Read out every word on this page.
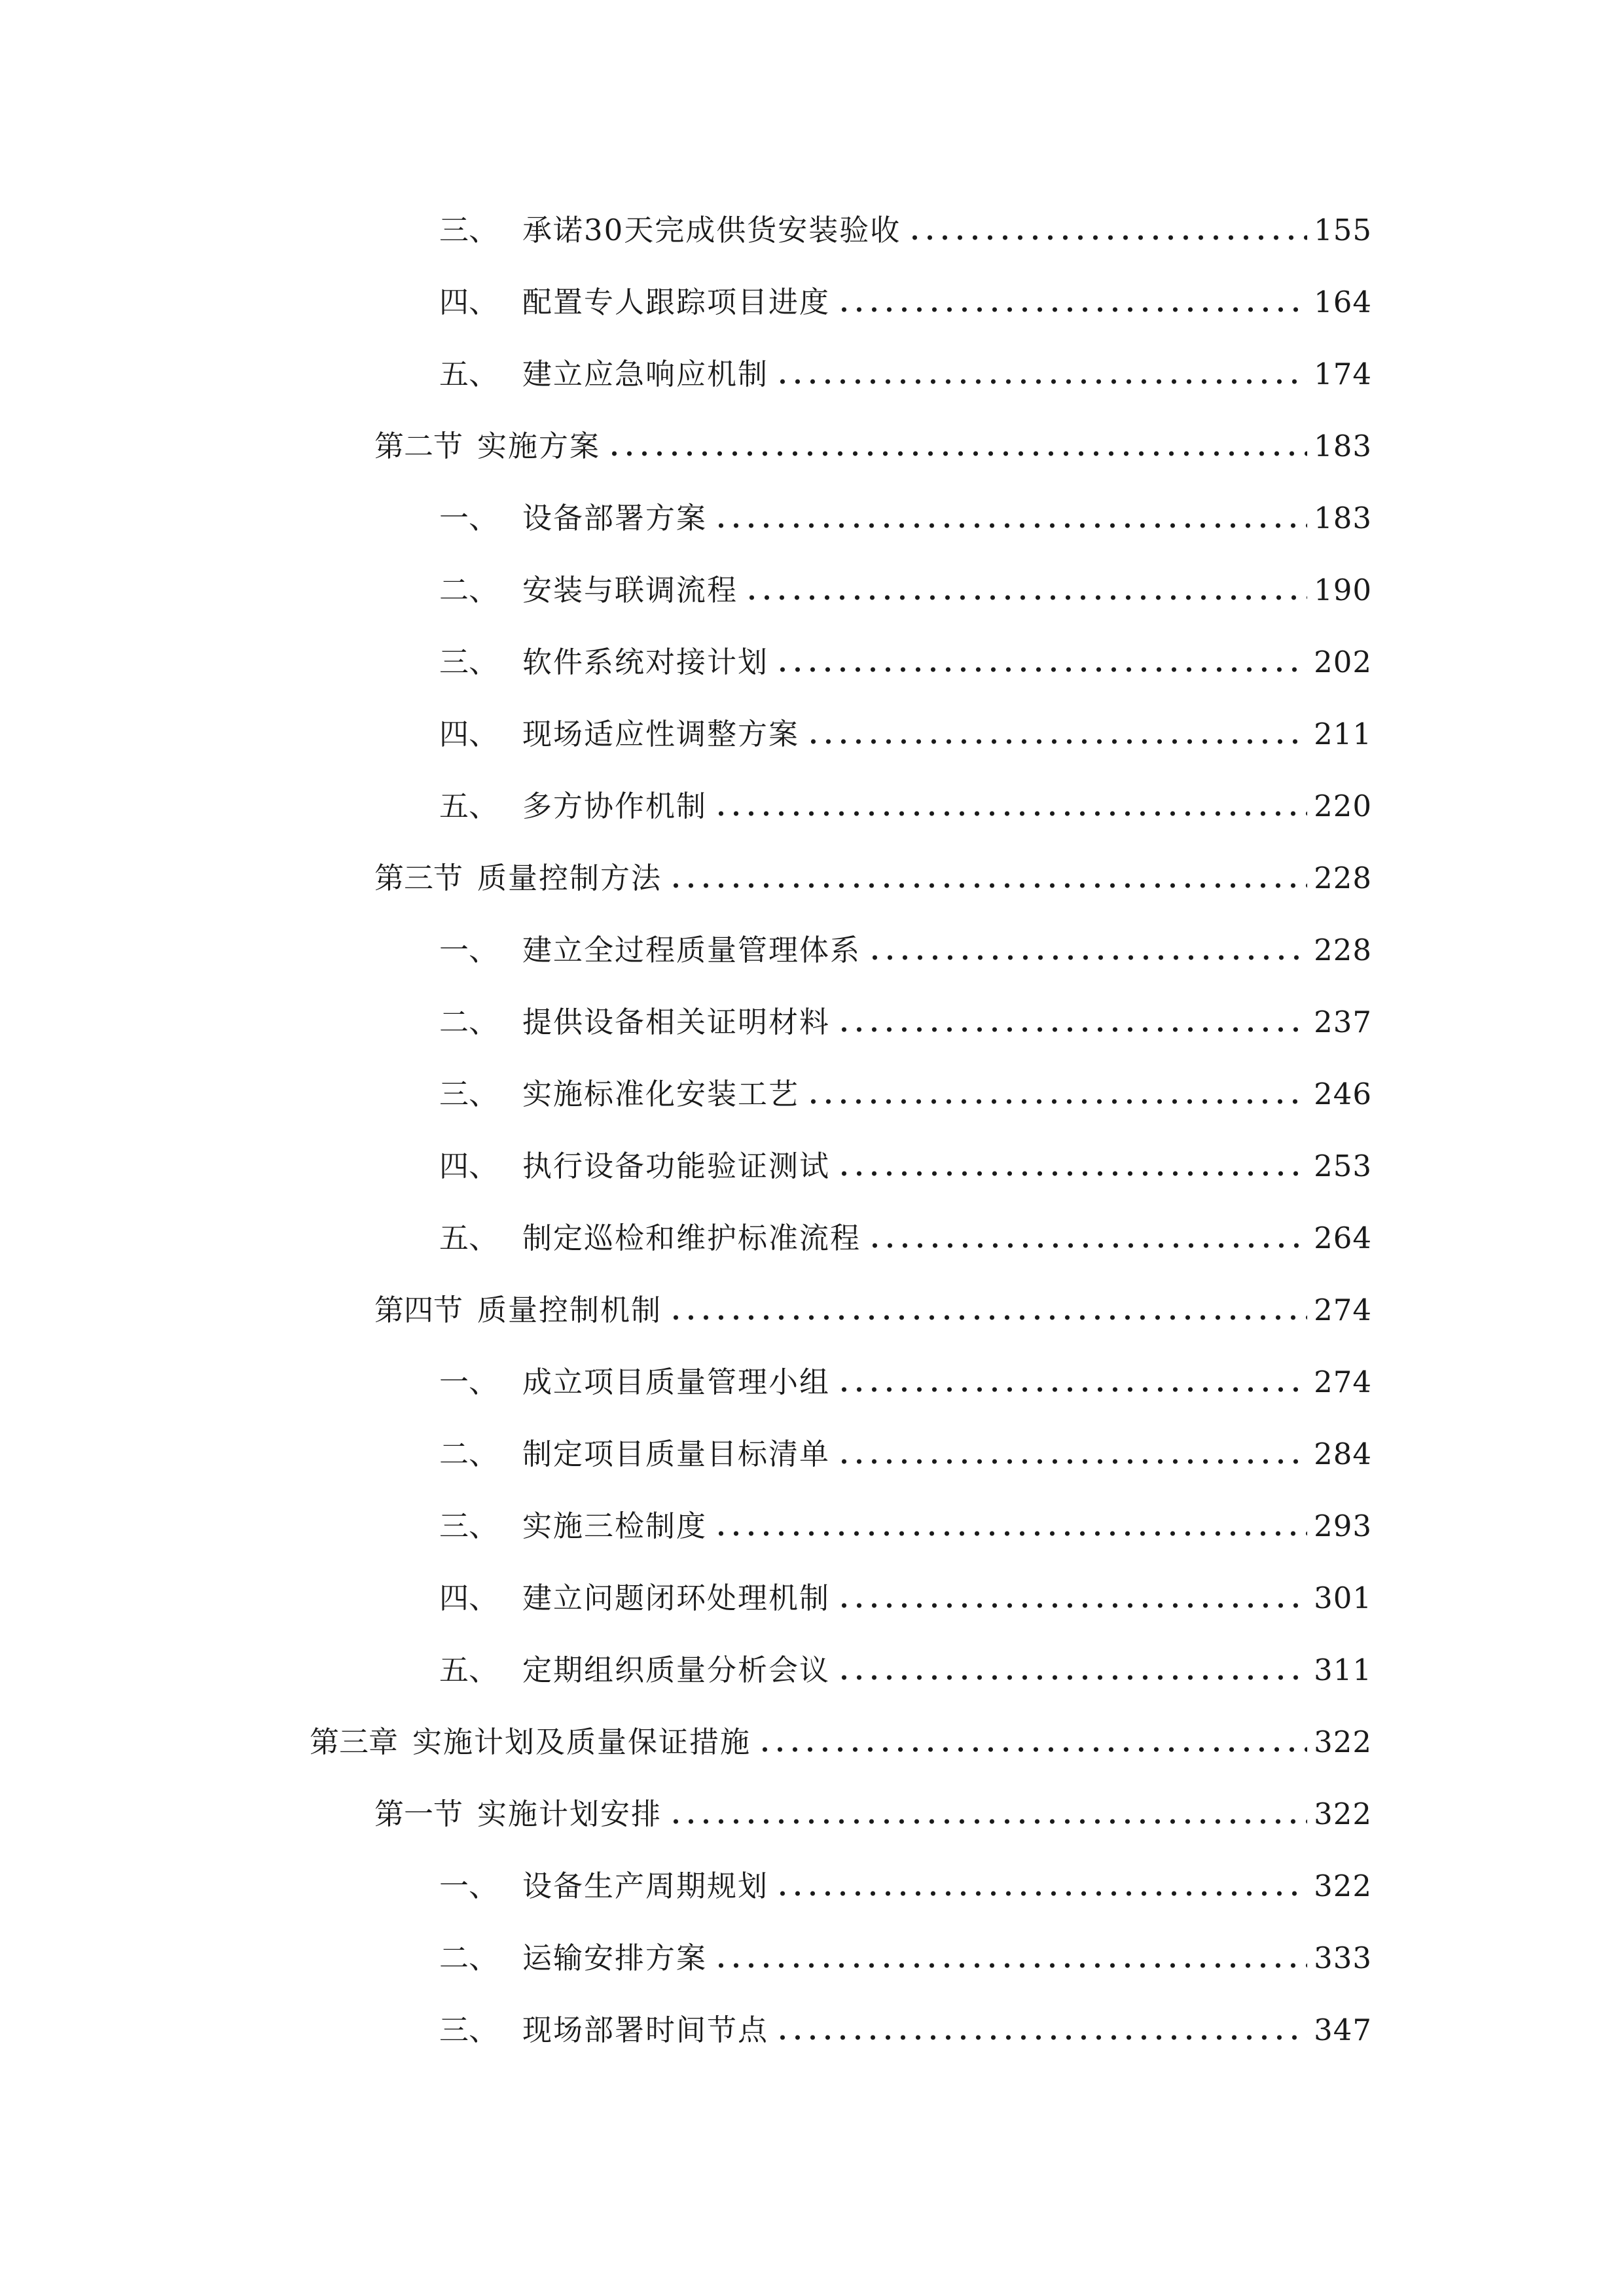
三、 承诺30天完成供货安装验收	155
四、 配置专人跟踪项目进度	164
五、 建立应急响应机制	174
第二节 实施方案	183
一、 设备部署方案	183
二、 安装与联调流程	190
三、 软件系统对接计划	202
四、 现场适应性调整方案	211
五、 多方协作机制	220
第三节 质量控制方法	228
一、 建立全过程质量管理体系	228
二、 提供设备相关证明材料	237
三、 实施标准化安装工艺	246
四、 执行设备功能验证测试	253
五、 制定巡检和维护标准流程	264
第四节 质量控制机制	274
一、 成立项目质量管理小组	274
二、 制定项目质量目标清单	284
三、 实施三检制度	293
四、 建立问题闭环处理机制	301
五、 定期组织质量分析会议	311
第三章 实施计划及质量保证措施	322
第一节 实施计划安排	322
一、 设备生产周期规划	322
二、 运输安排方案	333
三、 现场部署时间节点	347
